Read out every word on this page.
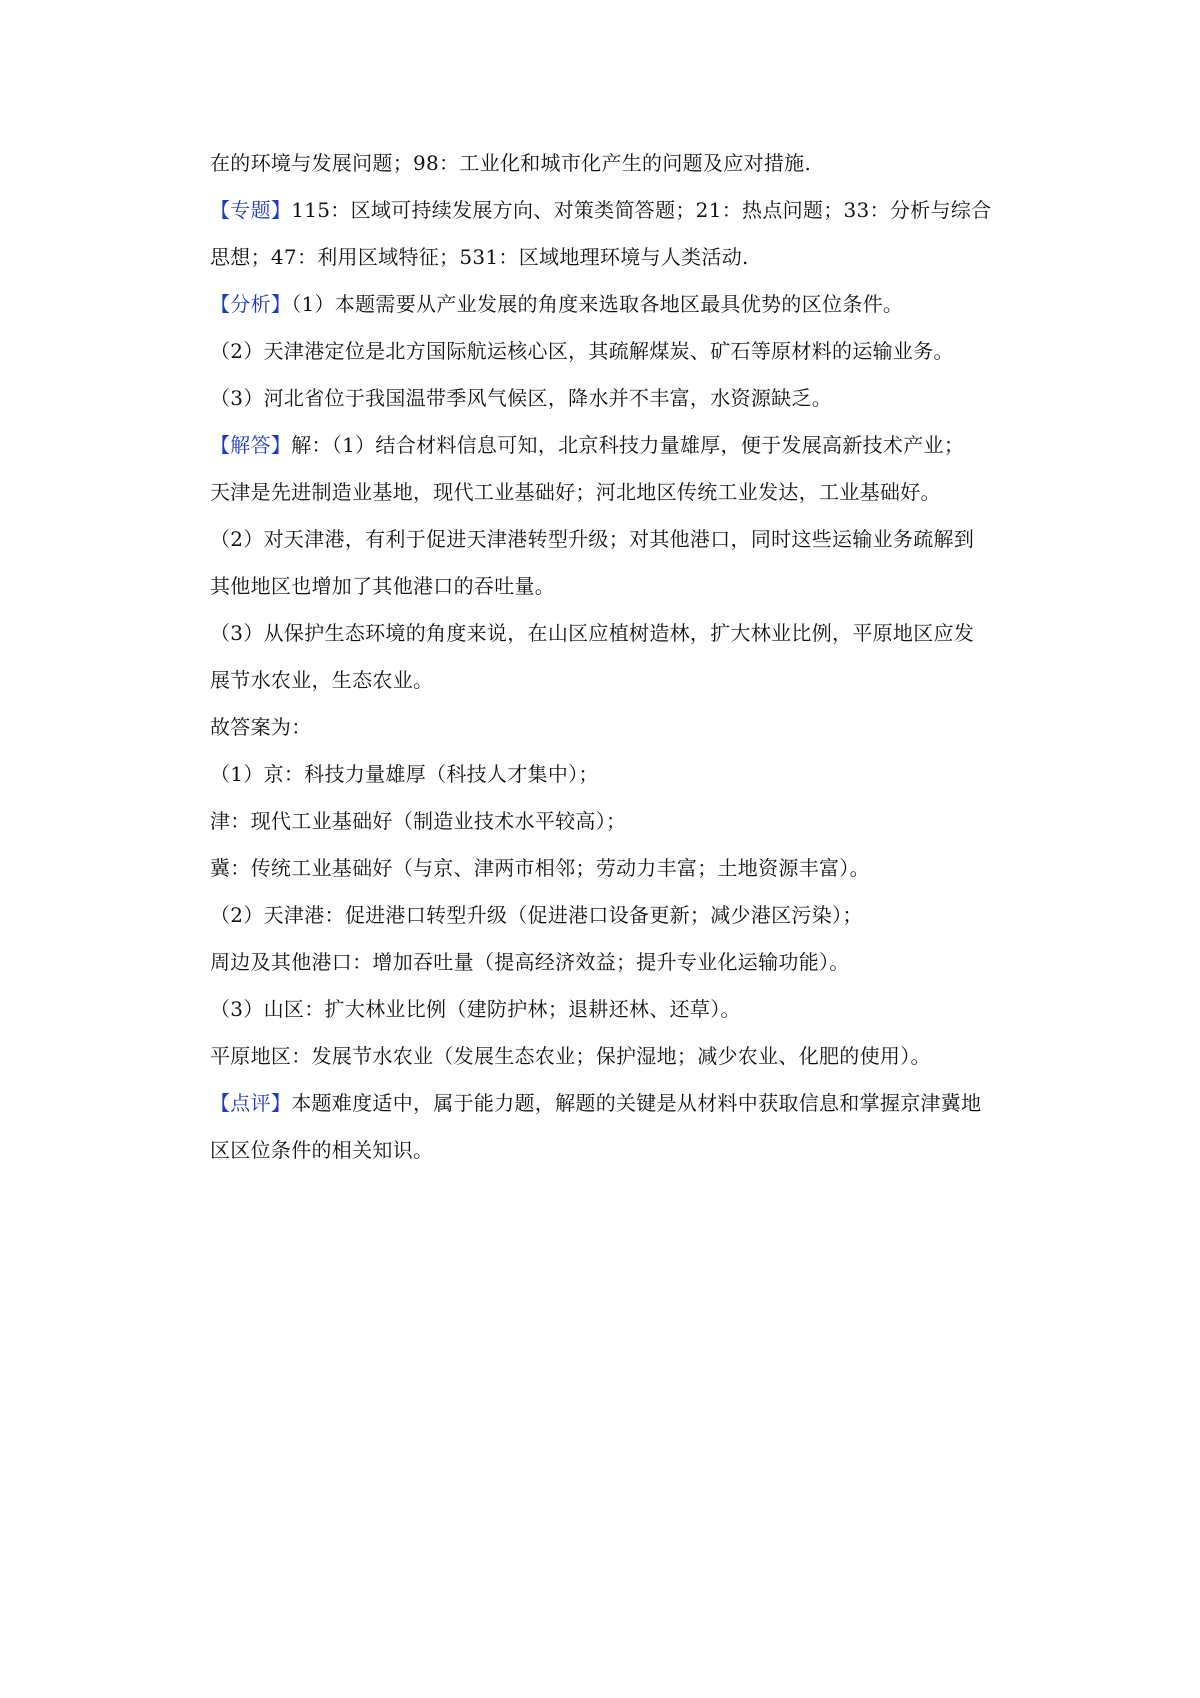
在的环境与发展问题；98：工业化和城市化产生的问题及应对措施.
【专题】115：区域可持续发展方向、对策类简答题；21：热点问题；33：分析与综合
思想；47：利用区域特征；531：区域地理环境与人类活动.
【分析】（1）本题需要从产业发展的角度来选取各地区最具优势的区位条件。
（2）天津港定位是北方国际航运核心区，其疏解煤炭、矿石等原材料的运输业务。
（3）河北省位于我国温带季风气候区，降水并不丰富，水资源缺乏。
【解答】解：（1）结合材料信息可知，北京科技力量雄厚，便于发展高新技术产业；
天津是先进制造业基地，现代工业基础好；河北地区传统工业发达，工业基础好。
（2）对天津港，有利于促进天津港转型升级；对其他港口，同时这些运输业务疏解到
其他地区也增加了其他港口的吞吐量。
（3）从保护生态环境的角度来说，在山区应植树造林，扩大林业比例，平原地区应发
展节水农业，生态农业。
故答案为：
（1）京：科技力量雄厚（科技人才集中）；
津：现代工业基础好（制造业技术水平较高）；
冀：传统工业基础好（与京、津两市相邻；劳动力丰富；土地资源丰富）。
（2）天津港：促进港口转型升级（促进港口设备更新；减少港区污染）；
周边及其他港口：增加吞吐量（提高经济效益；提升专业化运输功能）。
（3）山区：扩大林业比例（建防护林；退耕还林、还草）。
平原地区：发展节水农业（发展生态农业；保护湿地；减少农业、化肥的使用）。
【点评】本题难度适中，属于能力题，解题的关键是从材料中获取信息和掌握京津冀地
区区位条件的相关知识。
